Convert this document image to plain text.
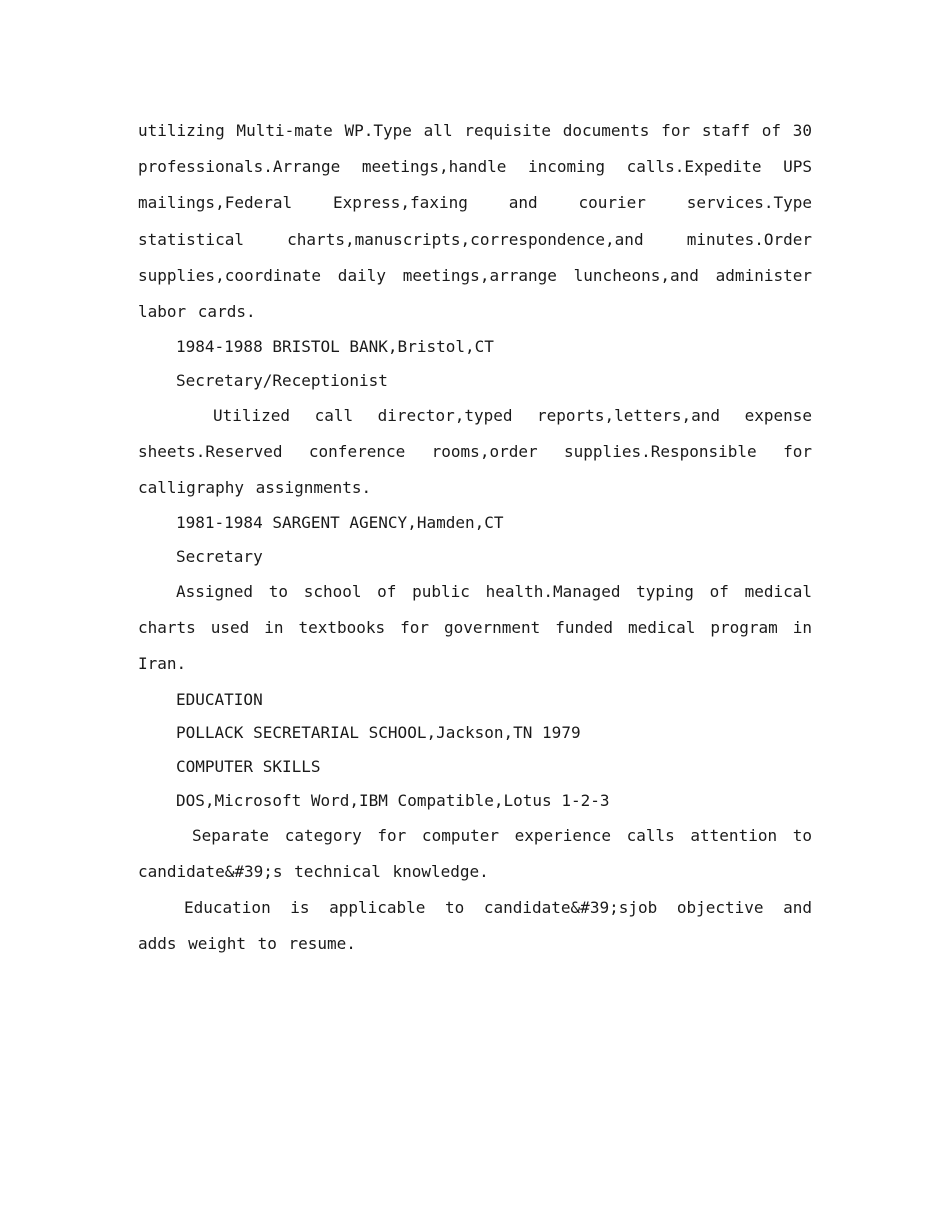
utilizing Multi-mate WP.Type all requisite documents for staff of 30 professionals.Arrange meetings,handle incoming calls.Expedite UPS mailings,Federal Express,faxing and courier services.Type statistical charts,manuscripts,correspondence,and minutes.Order supplies,coordinate daily meetings,arrange luncheons,and administer labor cards.

1984-1988 BRISTOL BANK,Bristol,CT

Secretary/Receptionist

Utilized call director,typed reports,letters,and expense sheets.Reserved conference rooms,order supplies.Responsible for calligraphy assignments.

1981-1984 SARGENT AGENCY,Hamden,CT

Secretary

Assigned to school of public health.Managed typing of medical charts used in textbooks for government funded medical program in Iran.

EDUCATION

POLLACK SECRETARIAL SCHOOL,Jackson,TN 1979

COMPUTER SKILLS

DOS,Microsoft Word,IBM Compatible,Lotus 1-2-3

Separate category for computer experience calls attention to candidate&#39;s technical knowledge.

Education is applicable to candidate&#39;sjob objective and adds weight to resume.
